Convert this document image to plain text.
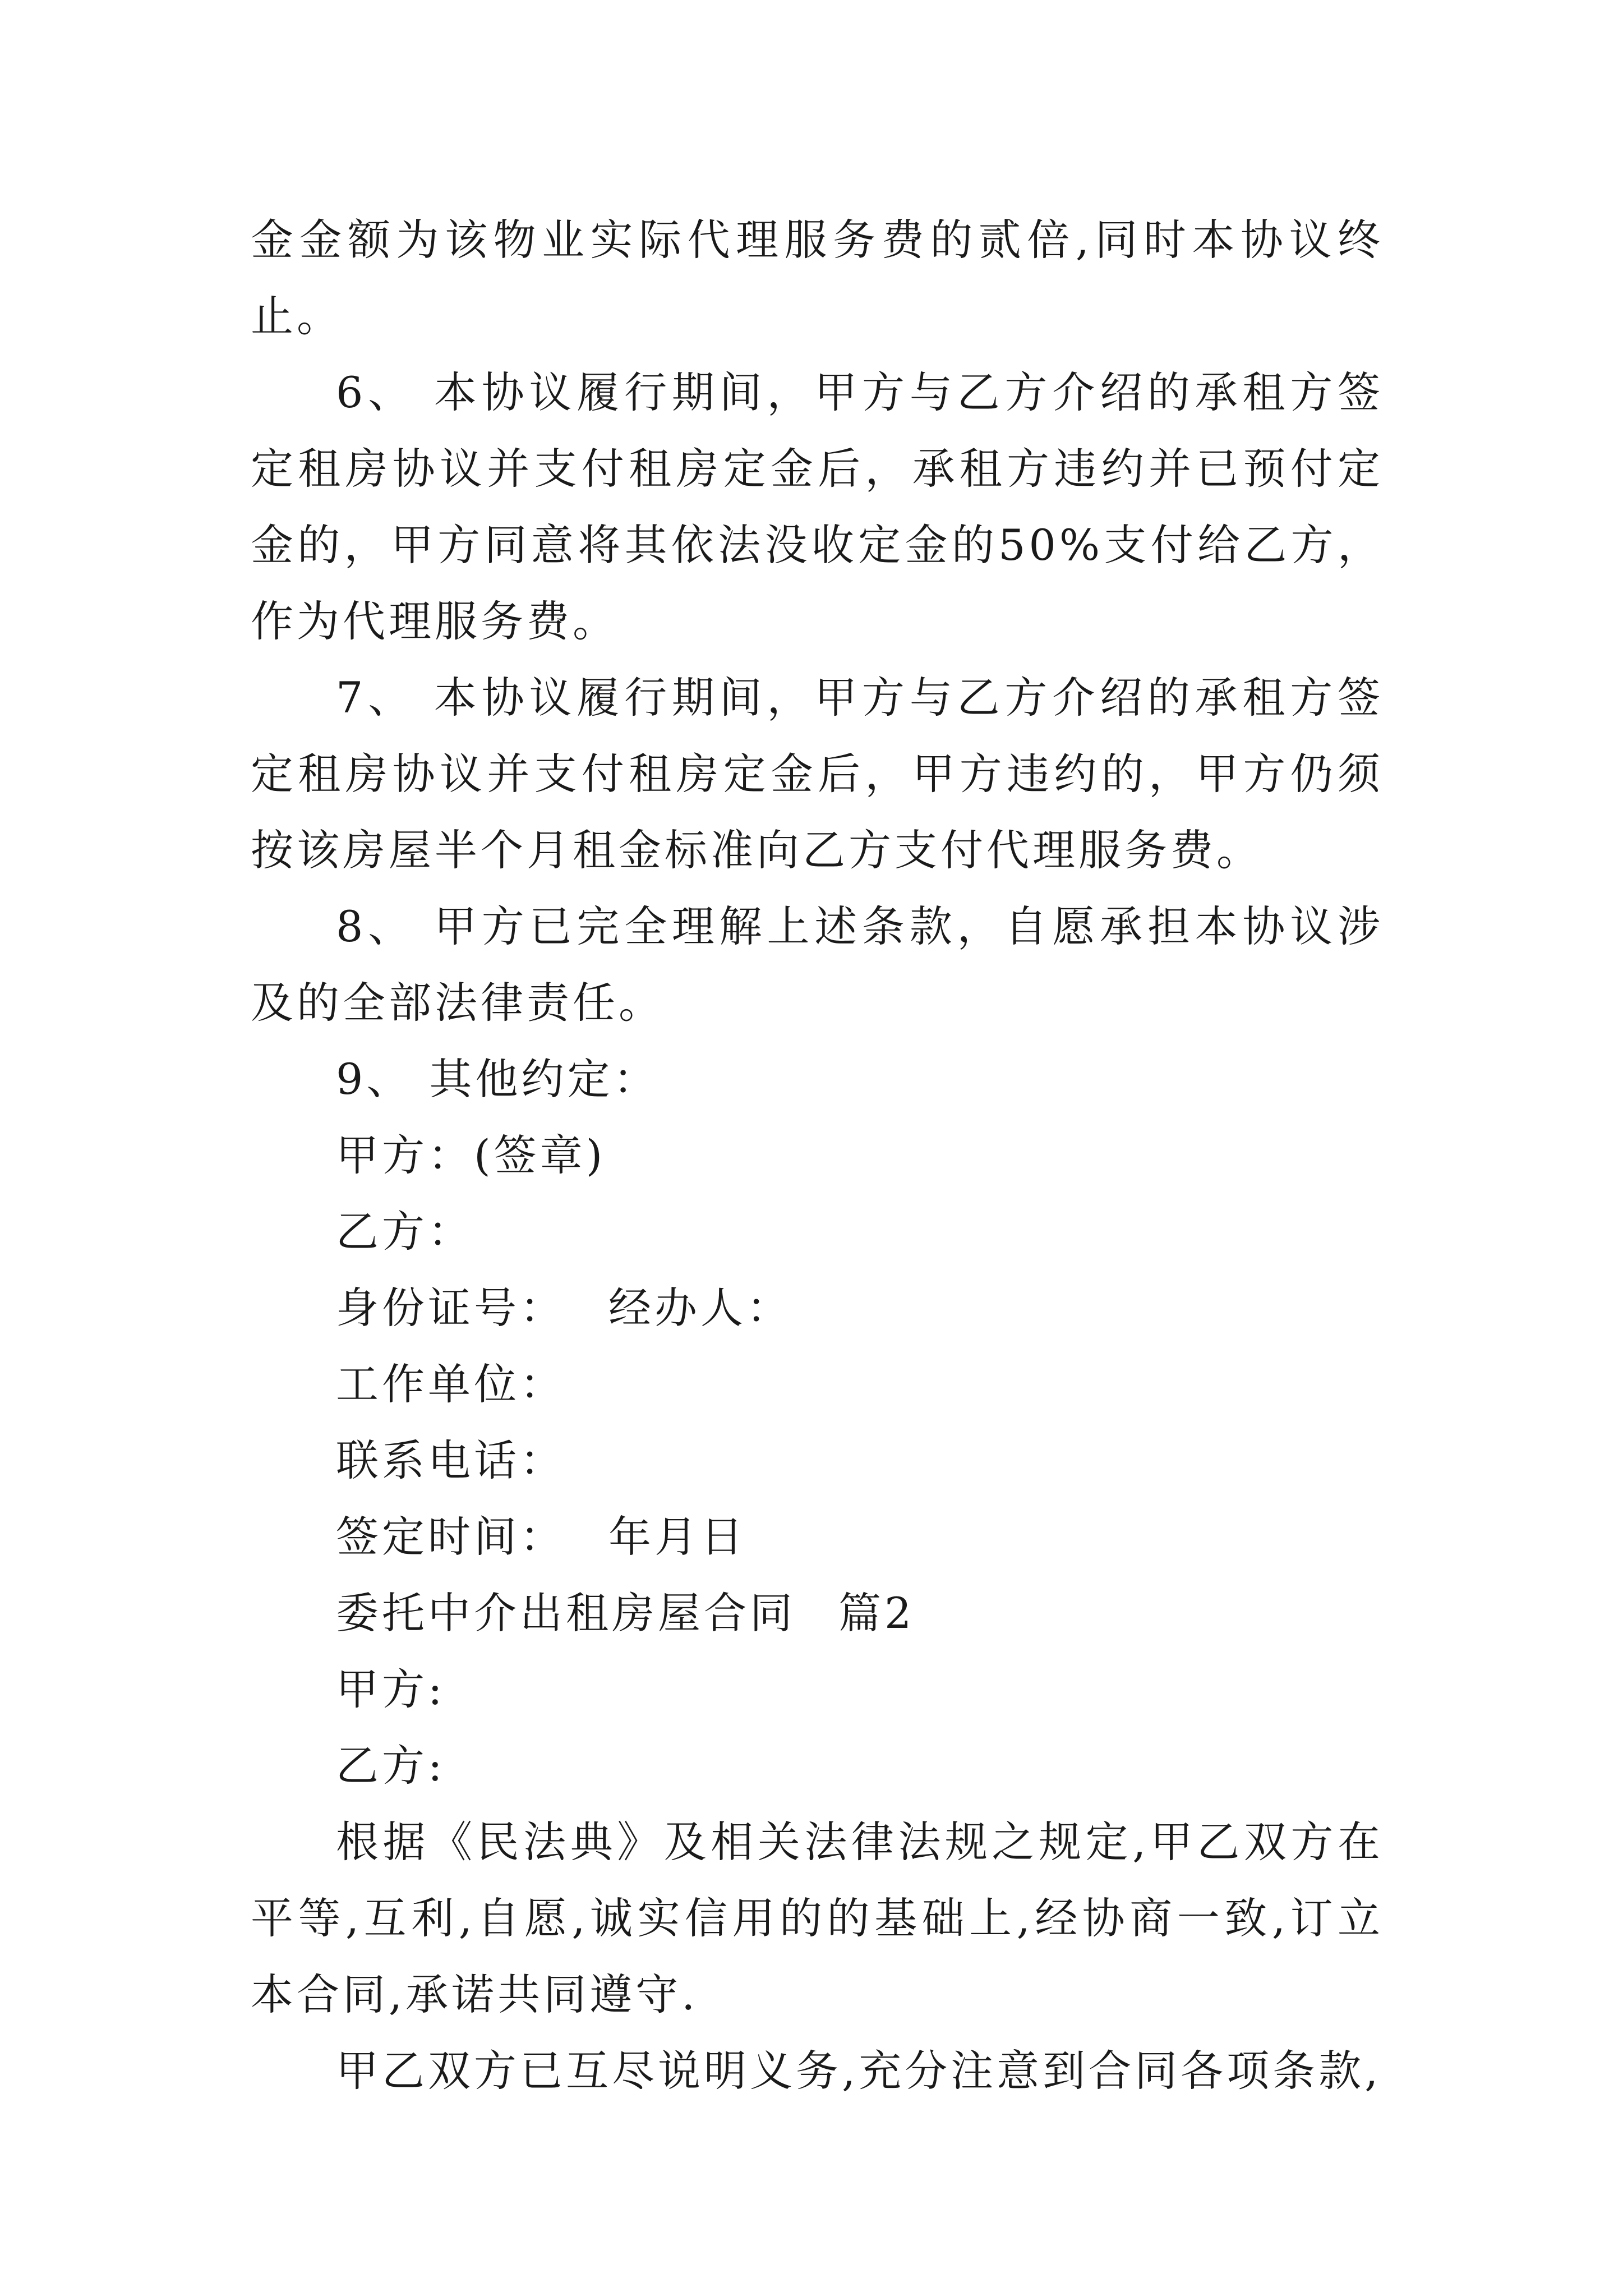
金金额为该物业实际代理服务费的贰倍,同时本协议终止。

6、 本协议履行期间，甲方与乙方介绍的承租方签定租房协议并支付租房定金后，承租方违约并已预付定金的，甲方同意将其依法没收定金的50%支付给乙方，作为代理服务费。

7、 本协议履行期间，甲方与乙方介绍的承租方签定租房协议并支付租房定金后，甲方违约的，甲方仍须按该房屋半个月租金标准向乙方支付代理服务费。

8、 甲方已完全理解上述条款，自愿承担本协议涉及的全部法律责任。

9、 其他约定：

甲方：(签章)

乙方：

身份证号： 经办人：

工作单位：

联系电话：

签定时间： 年月日

委托中介出租房屋合同 篇2

甲方:

乙方:

根据《民法典》及相关法律法规之规定,甲乙双方在平等,互利,自愿,诚实信用的的基础上,经协商一致,订立本合同,承诺共同遵守.

甲乙双方已互尽说明义务,充分注意到合同各项条款,
